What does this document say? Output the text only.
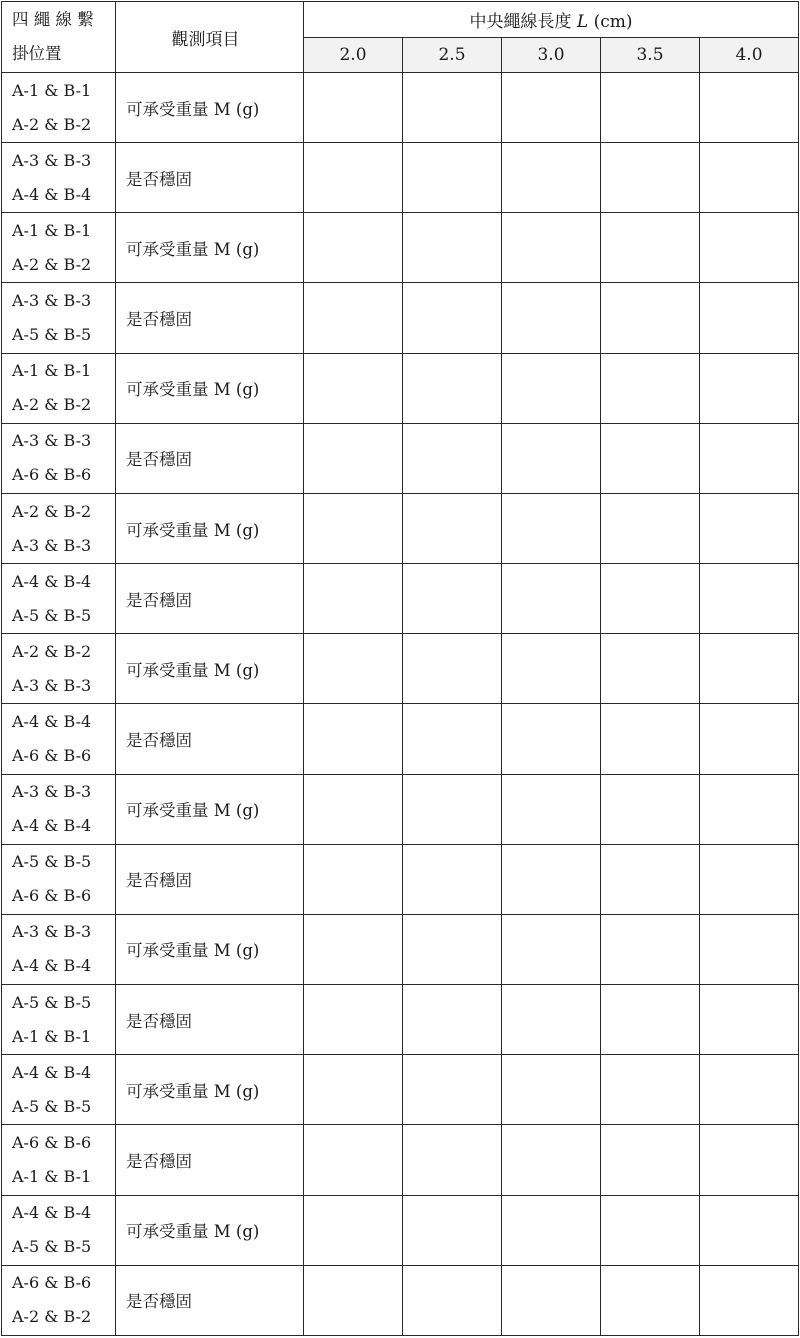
四 繩 線 繫
掛位置	觀測項目	中央繩線長度 L (cm)				
		2.0	2.5	3.0	3.5	4.0

A-1 & B-1
A-2 & B-2	可承受重量 M (g)					

A-3 & B-3
A-4 & B-4	是否穩固					

A-1 & B-1
A-2 & B-2	可承受重量 M (g)					

A-3 & B-3
A-5 & B-5	是否穩固					

A-1 & B-1
A-2 & B-2	可承受重量 M (g)					

A-3 & B-3
A-6 & B-6	是否穩固					

A-2 & B-2
A-3 & B-3	可承受重量 M (g)					

A-4 & B-4
A-5 & B-5	是否穩固					

A-2 & B-2
A-3 & B-3	可承受重量 M (g)					

A-4 & B-4
A-6 & B-6	是否穩固					

A-3 & B-3
A-4 & B-4	可承受重量 M (g)					

A-5 & B-5
A-6 & B-6	是否穩固					

A-3 & B-3
A-4 & B-4	可承受重量 M (g)					

A-5 & B-5
A-1 & B-1	是否穩固					

A-4 & B-4
A-5 & B-5	可承受重量 M (g)					

A-6 & B-6
A-1 & B-1	是否穩固					

A-4 & B-4
A-5 & B-5	可承受重量 M (g)					

A-6 & B-6
A-2 & B-2	是否穩固					
